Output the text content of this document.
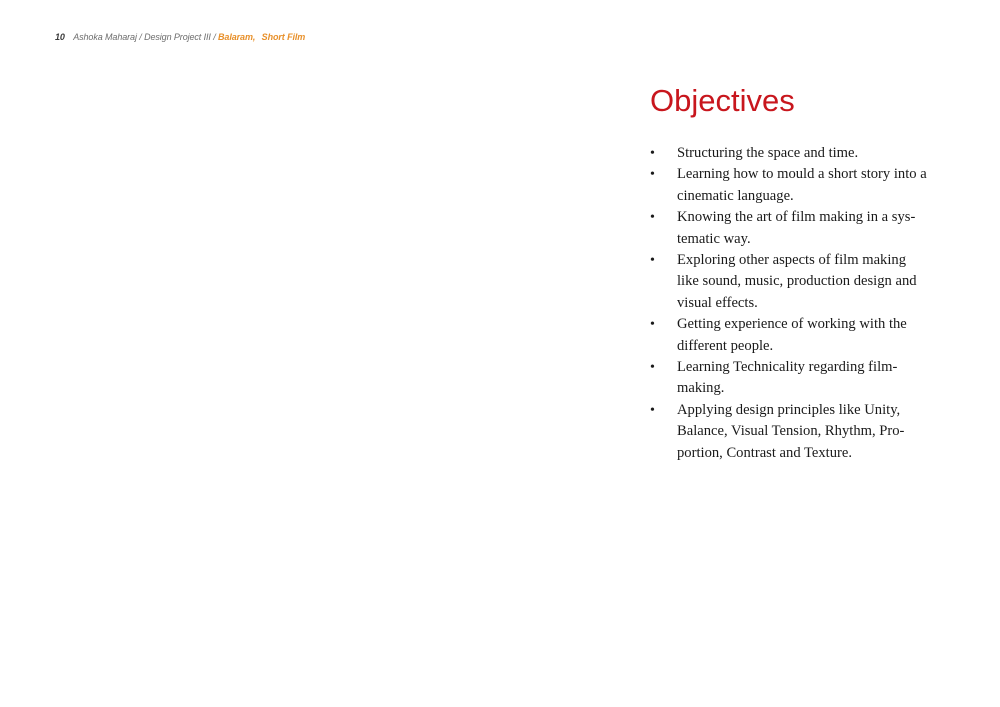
10 Ashoka Maharaj / Design Project III / Balaram, Short Film
Objectives
• Structuring the space and time.
• Learning how to mould a short story into a cinematic language.
• Knowing the art of film making in a sys-tematic way.
• Exploring other aspects of film making like sound, music, production design and visual effects.
• Getting experience of working with the different people.
• Learning Technicality regarding film-making.
• Applying design principles like Unity, Balance, Visual Tension, Rhythm, Pro-portion, Contrast and Texture.
